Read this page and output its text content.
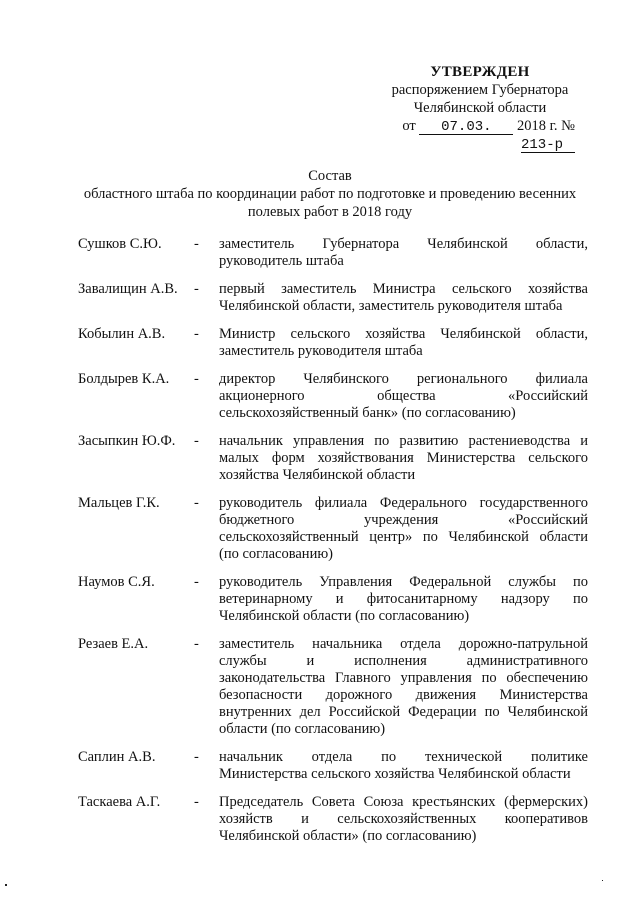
УТВЕРЖДЕН
распоряжением Губернатора
Челябинской области
от 07.03. 2018 г. № 213-р
Состав
областного штаба по координации работ по подготовке и проведению весенних
полевых работ в 2018 году
Сушков С.Ю.	- заместитель Губернатора Челябинской области,
руководитель штаба
Завалищин А.В.	- первый заместитель Министра сельского хозяйства
Челябинской области, заместитель руководителя штаба
Кобылин А.В.	- Министр сельского хозяйства Челябинской области,
заместитель руководителя штаба
Болдырев К.А.	- директор Челябинского регионального филиала
акционерного общества «Российский
сельскохозяйственный банк» (по согласованию)
Засыпкин Ю.Ф.	- начальник управления по развитию растениеводства и
малых форм хозяйствования Министерства сельского
хозяйства Челябинской области
Мальцев Г.К.	- руководитель филиала Федерального государственного
бюджетного учреждения «Российский
сельскохозяйственный центр» по Челябинской области
(по согласованию)
Наумов С.Я.	- руководитель Управления Федеральной службы по
ветеринарному и фитосанитарному надзору по
Челябинской области (по согласованию)
Резаев Е.А.	- заместитель начальника отдела дорожно-патрульной
службы и исполнения административного
законодательства Главного управления по обеспечению
безопасности дорожного движения Министерства
внутренних дел Российской Федерации по Челябинской
области (по согласованию)
Саплин А.В.	- начальник отдела по технической политике
Министерства сельского хозяйства Челябинской области
Таскаева А.Г.	- Председатель Совета Союза крестьянских (фермерских)
хозяйств и сельскохозяйственных кооперативов
Челябинской области» (по согласованию)
